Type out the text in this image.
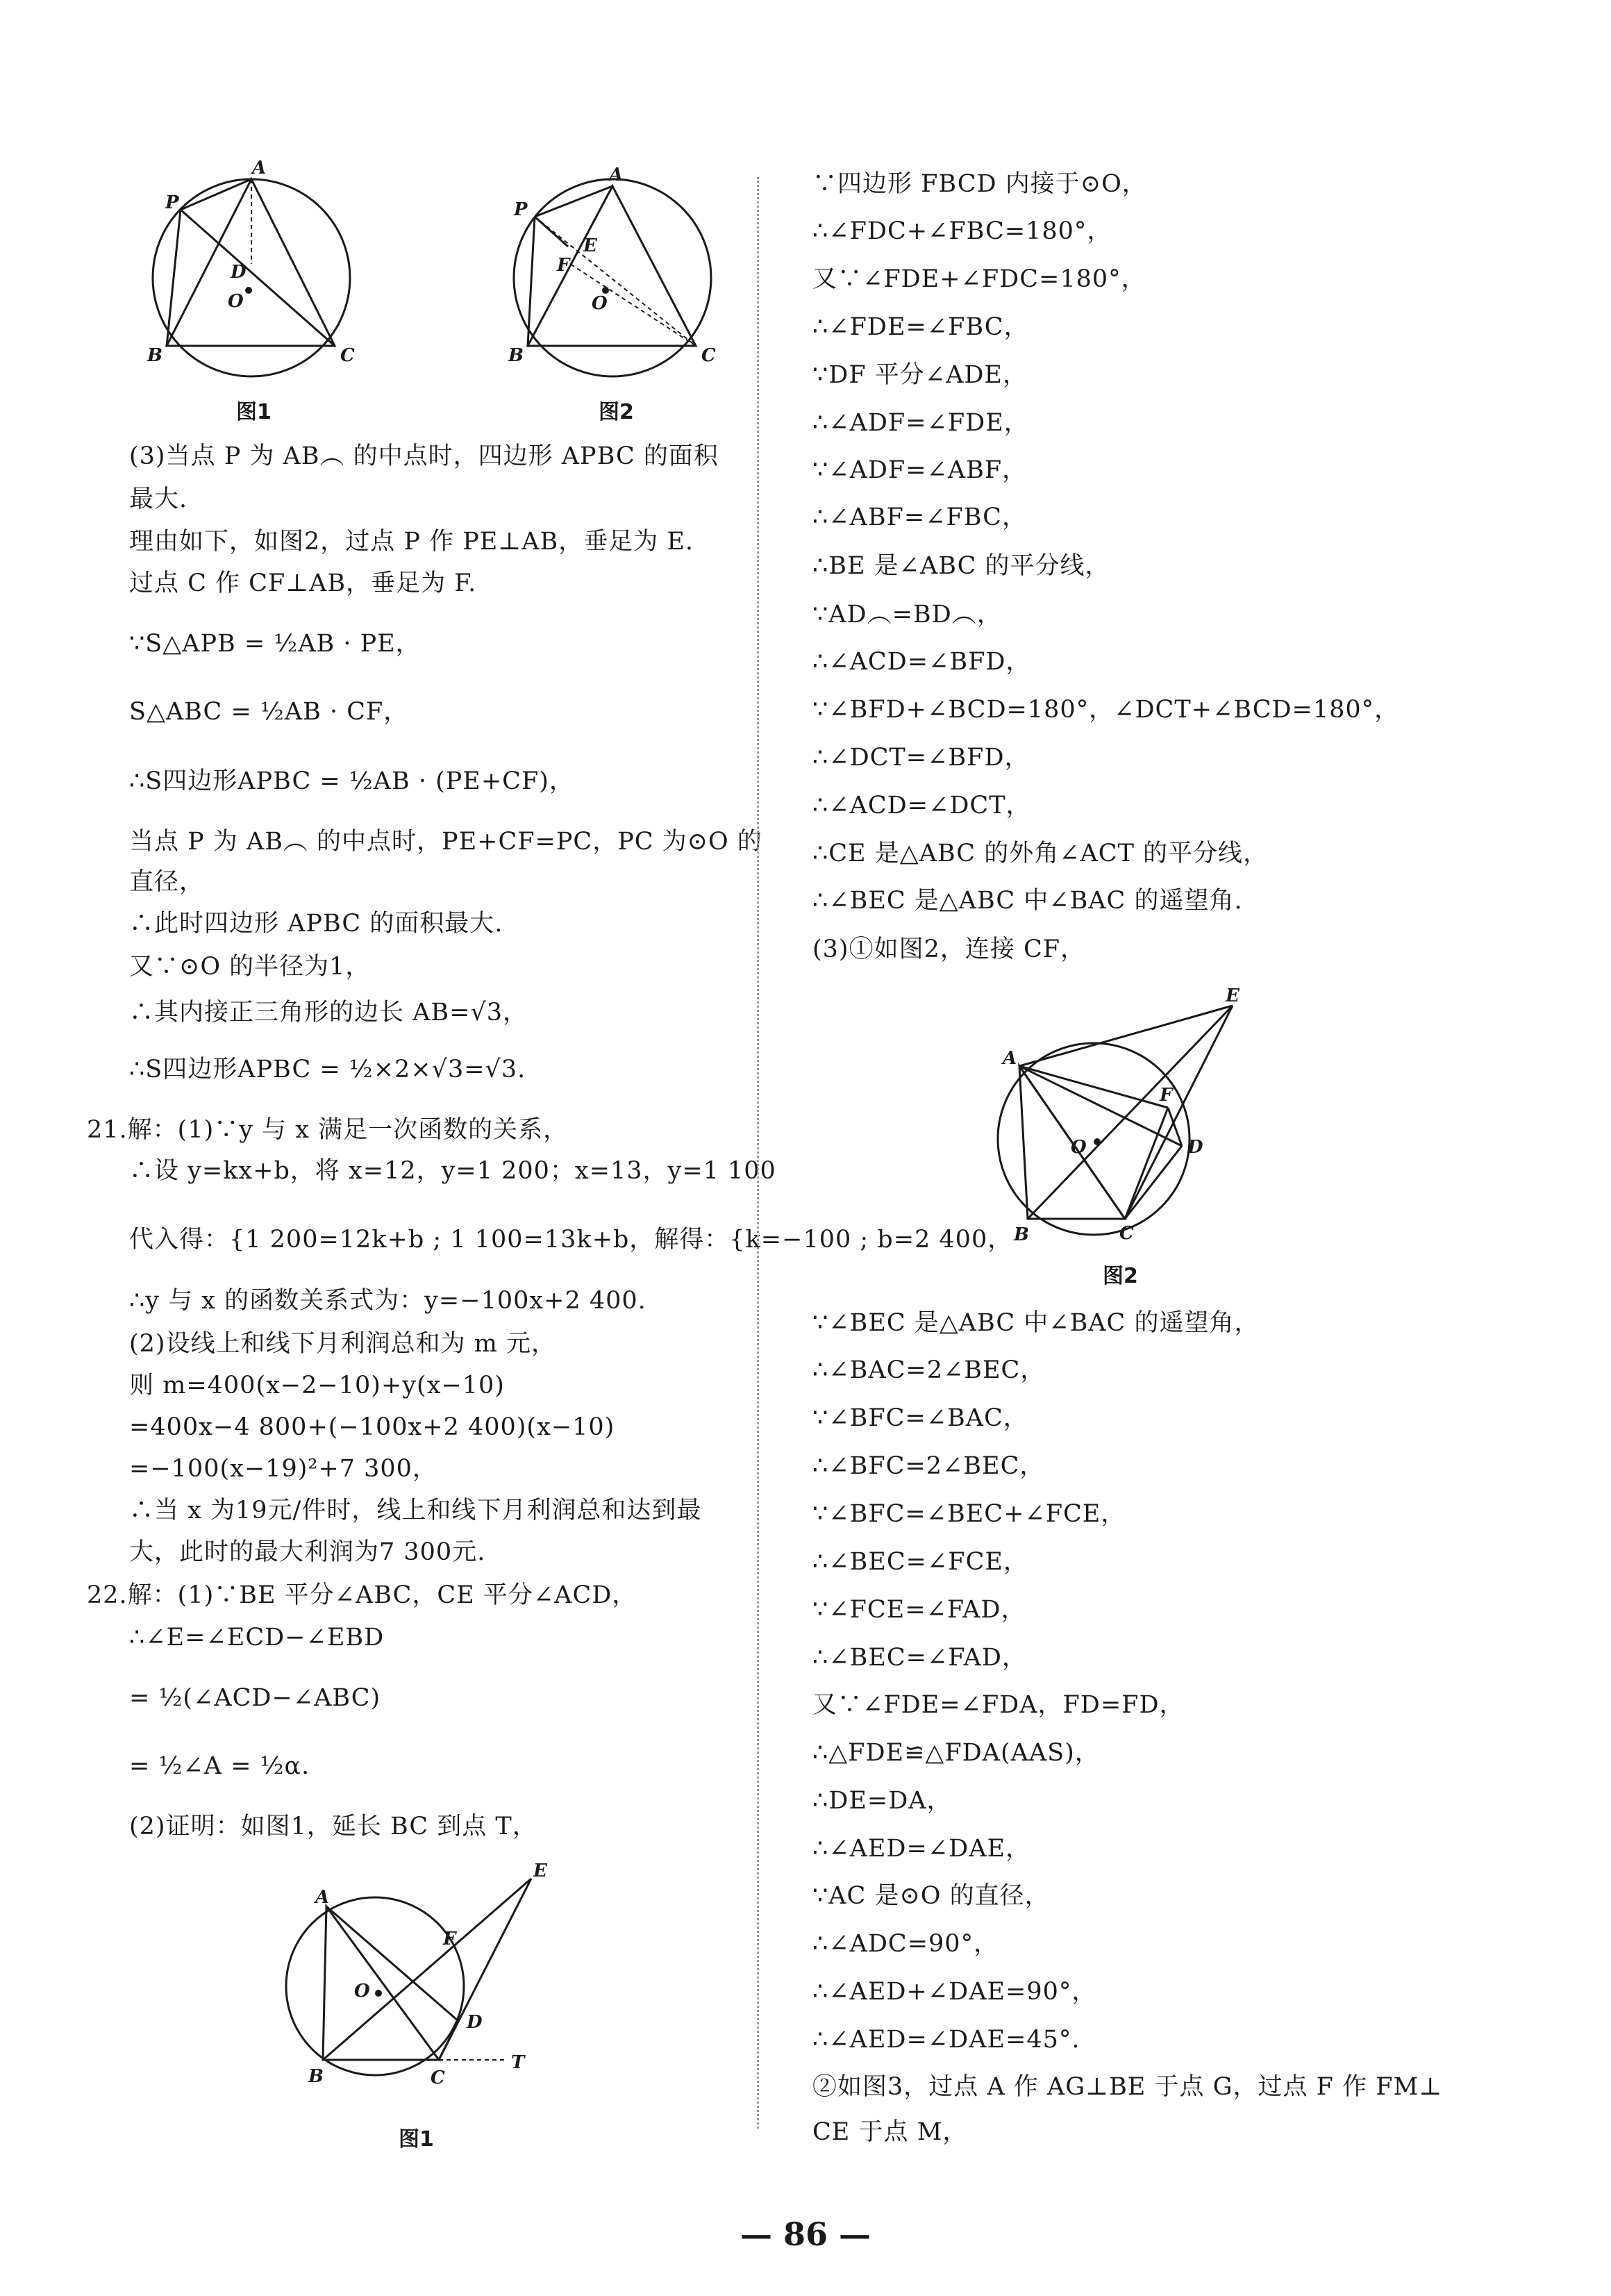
A
P
D
O
B	C
图1
A
P
E
F
O
B	C
图2
(3)当点 P 为 AB︵ 的中点时，四边形 APBC 的面积
最大.
理由如下，如图2，过点 P 作 PE⊥AB，垂足为 E.
过点 C 作 CF⊥AB，垂足为 F.
∵S△APB = ½AB · PE，
S△ABC = ½AB · CF，
∴S四边形APBC = ½AB · (PE+CF)，
当点 P 为 AB︵ 的中点时，PE+CF=PC，PC 为⊙O 的
直径，
∴此时四边形 APBC 的面积最大.
又∵⊙O 的半径为1，
∴其内接正三角形的边长 AB=√3，
∴S四边形APBC = ½×2×√3=√3.
21.解：(1)∵y 与 x 满足一次函数的关系，
∴设 y=kx+b，将 x=12，y=1 200；x=13，y=1 100
代入得：{1 200=12k+b ; 1 100=13k+b，解得：{k=−100 ; b=2 400，
∴y 与 x 的函数关系式为：y=−100x+2 400.
(2)设线上和线下月利润总和为 m 元，
则 m=400(x−2−10)+y(x−10)
=400x−4 800+(−100x+2 400)(x−10)
=−100(x−19)²+7 300，
∴当 x 为19元/件时，线上和线下月利润总和达到最
大，此时的最大利润为7 300元.
22.解：(1)∵BE 平分∠ABC，CE 平分∠ACD，
∴∠E=∠ECD−∠EBD
= ½(∠ACD−∠ABC)
= ½∠A = ½α.
(2)证明：如图1，延长 BC 到点 T，
E
A
F
O
D
B	C
T
图1
∵四边形 FBCD 内接于⊙O，
∴∠FDC+∠FBC=180°，
又∵∠FDE+∠FDC=180°，
∴∠FDE=∠FBC，
∵DF 平分∠ADE，
∴∠ADF=∠FDE，
∵∠ADF=∠ABF，
∴∠ABF=∠FBC，
∴BE 是∠ABC 的平分线，
∵AD︵=BD︵，
∴∠ACD=∠BFD，
∵∠BFD+∠BCD=180°，∠DCT+∠BCD=180°，
∴∠DCT=∠BFD，
∴∠ACD=∠DCT，
∴CE 是△ABC 的外角∠ACT 的平分线，
∴∠BEC 是△ABC 中∠BAC 的遥望角.
(3)①如图2，连接 CF，
E
A
F
O	D
B	C
图2
∵∠BEC 是△ABC 中∠BAC 的遥望角，
∴∠BAC=2∠BEC，
∵∠BFC=∠BAC，
∴∠BFC=2∠BEC，
∵∠BFC=∠BEC+∠FCE，
∴∠BEC=∠FCE，
∵∠FCE=∠FAD，
∴∠BEC=∠FAD，
又∵∠FDE=∠FDA，FD=FD，
∴△FDE≌△FDA(AAS)，
∴DE=DA，
∴∠AED=∠DAE，
∵AC 是⊙O 的直径，
∴∠ADC=90°，
∴∠AED+∠DAE=90°，
∴∠AED=∠DAE=45°.
②如图3，过点 A 作 AG⊥BE 于点 G，过点 F 作 FM⊥
CE 于点 M，
— 86 —
